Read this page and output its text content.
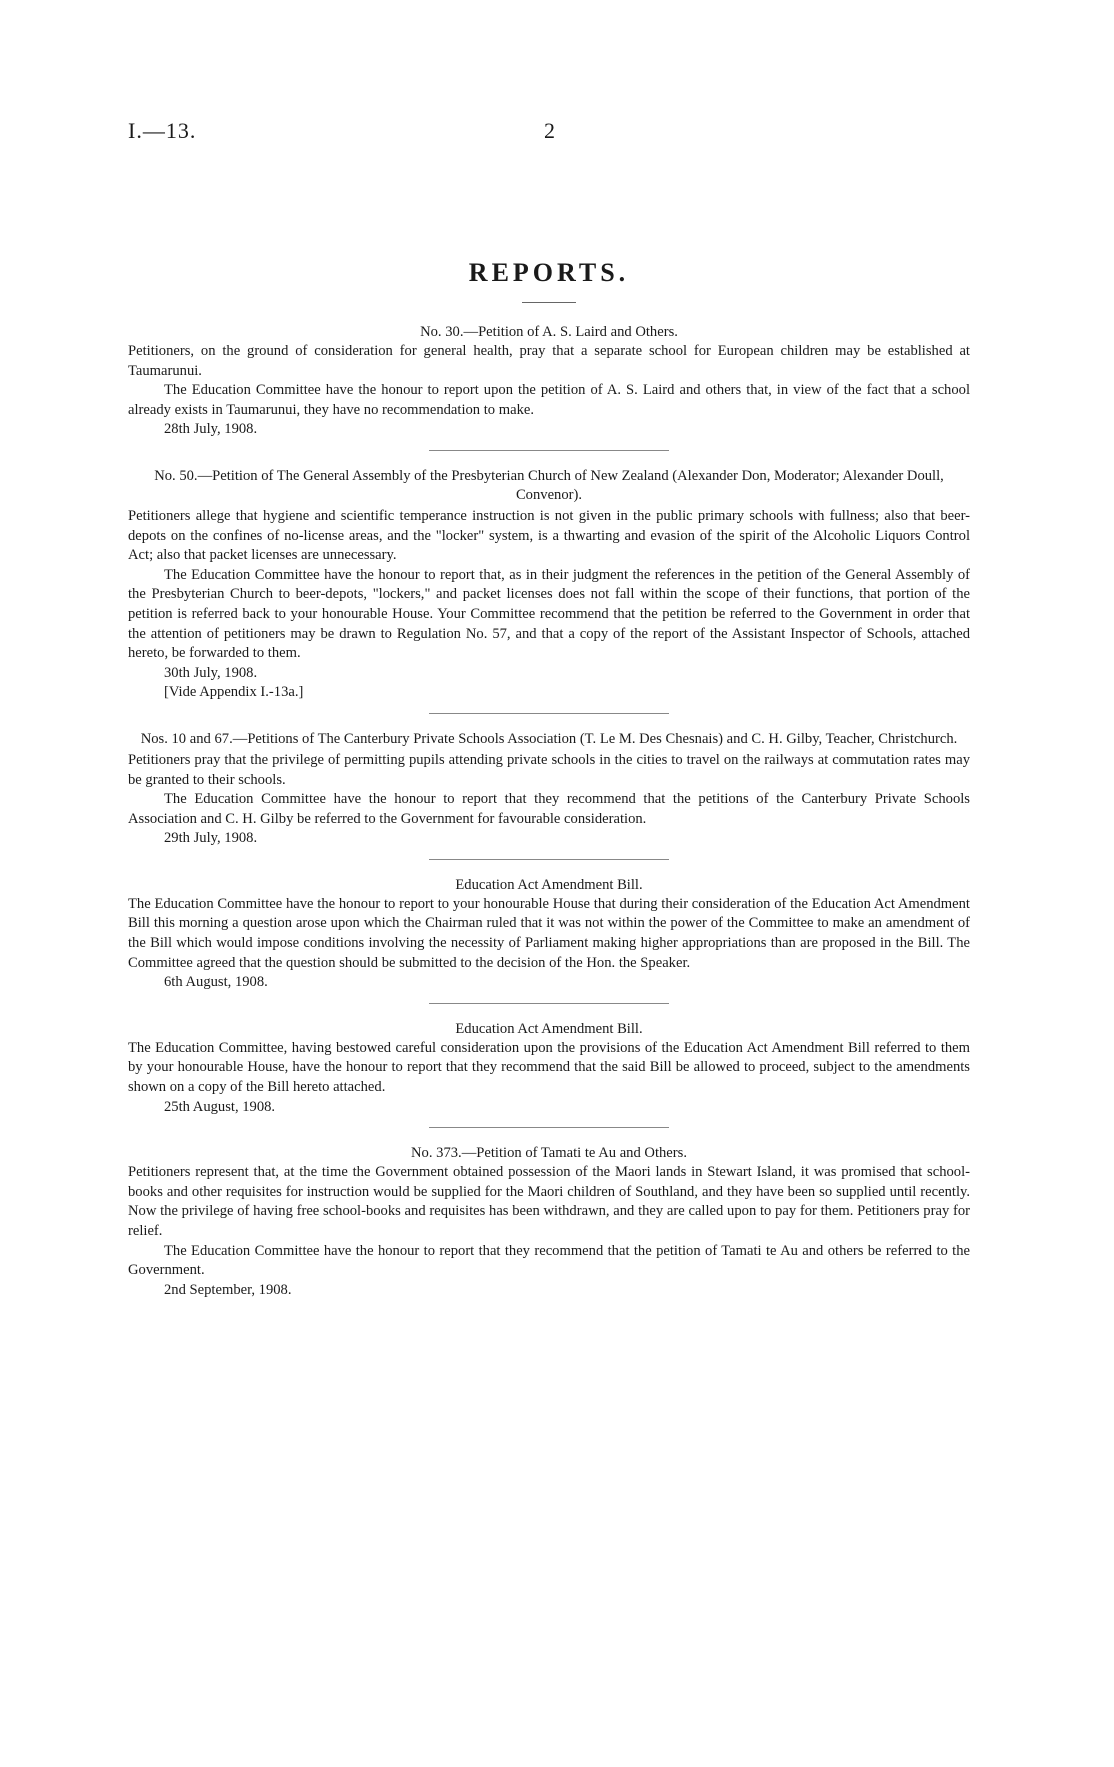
I.—13.	2
REPORTS.

No. 30.—Petition of A. S. Laird and Others.

Petitioners, on the ground of consideration for general health, pray that a separate school for European children may be established at Taumarunui.

The Education Committee have the honour to report upon the petition of A. S. Laird and others that, in view of the fact that a school already exists in Taumarunui, they have no recommendation to make.

28th July, 1908.

No. 50.—Petition of The General Assembly of the Presbyterian Church of New Zealand (Alexander Don, Moderator; Alexander Doull, Convenor).

Petitioners allege that hygiene and scientific temperance instruction is not given in the public primary schools with fullness; also that beer-depots on the confines of no-license areas, and the "locker" system, is a thwarting and evasion of the spirit of the Alcoholic Liquors Control Act; also that packet licenses are unnecessary.

The Education Committee have the honour to report that, as in their judgment the references in the petition of the General Assembly of the Presbyterian Church to beer-depots, "lockers," and packet licenses does not fall within the scope of their functions, that portion of the petition is referred back to your honourable House. Your Committee recommend that the petition be referred to the Government in order that the attention of petitioners may be drawn to Regulation No. 57, and that a copy of the report of the Assistant Inspector of Schools, attached hereto, be forwarded to them.

30th July, 1908.

[Vide Appendix I.-13a.]

Nos. 10 and 67.—Petitions of The Canterbury Private Schools Association (T. Le M. Des Chesnais) and C. H. Gilby, Teacher, Christchurch.

Petitioners pray that the privilege of permitting pupils attending private schools in the cities to travel on the railways at commutation rates may be granted to their schools.

The Education Committee have the honour to report that they recommend that the petitions of the Canterbury Private Schools Association and C. H. Gilby be referred to the Government for favourable consideration.

29th July, 1908.

Education Act Amendment Bill.

The Education Committee have the honour to report to your honourable House that during their consideration of the Education Act Amendment Bill this morning a question arose upon which the Chairman ruled that it was not within the power of the Committee to make an amendment of the Bill which would impose conditions involving the necessity of Parliament making higher appropriations than are proposed in the Bill. The Committee agreed that the question should be submitted to the decision of the Hon. the Speaker.

6th August, 1908.

Education Act Amendment Bill.

The Education Committee, having bestowed careful consideration upon the provisions of the Education Act Amendment Bill referred to them by your honourable House, have the honour to report that they recommend that the said Bill be allowed to proceed, subject to the amendments shown on a copy of the Bill hereto attached.

25th August, 1908.

No. 373.—Petition of Tamati te Au and Others.

Petitioners represent that, at the time the Government obtained possession of the Maori lands in Stewart Island, it was promised that school-books and other requisites for instruction would be supplied for the Maori children of Southland, and they have been so supplied until recently. Now the privilege of having free school-books and requisites has been withdrawn, and they are called upon to pay for them. Petitioners pray for relief.

The Education Committee have the honour to report that they recommend that the petition of Tamati te Au and others be referred to the Government.

2nd September, 1908.
